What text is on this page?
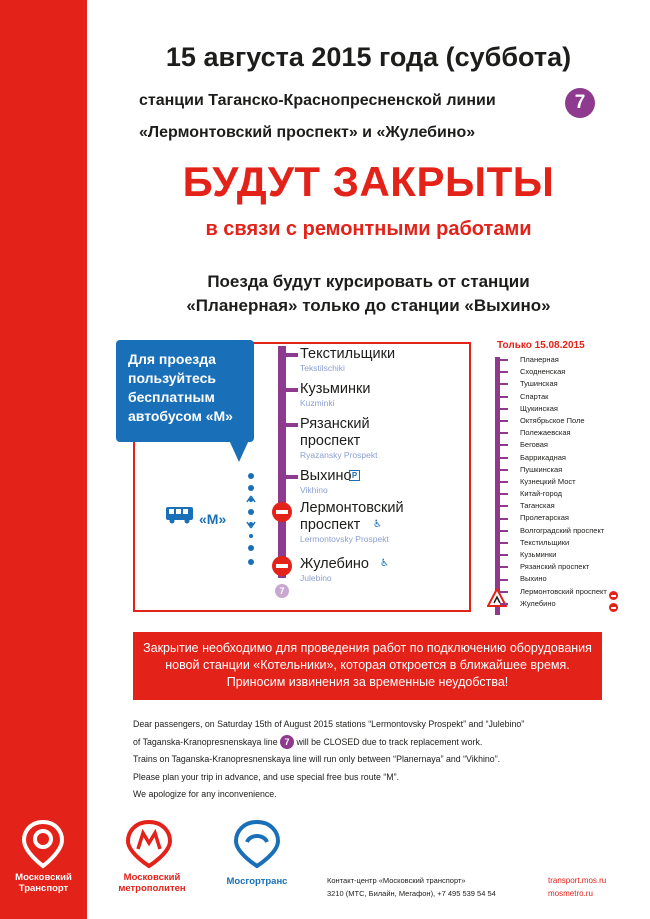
15 августа 2015 года (суббота)
станции Таганско-Краснопресненской линии	7
«Лермонтовский проспект» и «Жулебино»
БУДУТ ЗАКРЫТЫ
в связи с ремонтными работами
Поезда будут курсировать от станции
«Планерная» только до станции «Выхино»
Для проезда
пользуйтесь
бесплатным
автобусом «М»
«М»
Текстильщики
Tekstilschiki
Кузьминки
Kuzminki
Рязанский
проспект
Ryazansky Prospekt
Выхино P
Vikhino
Лермонтовский
проспект ♿
Lermontovsky Prospekt
Жулебино ♿
Julebino
7
Только 15.08.2015
Планерная
Сходненская
Тушинская
Спартак
Щукинская
Октябрьское Поле
Полежаевская
Беговая
Баррикадная
Пушкинская
Кузнецкий Мост
Китай-город
Таганская
Пролетарская
Волгоградский проспект
Текстильщики
Кузьминки
Рязанский проспект
Выхино
Лермонтовский проспект
Жулебино
Закрытие необходимо для проведения работ по подключению оборудования
новой станции «Котельники», которая откроется в ближайшее время.
Приносим извинения за временные неудобства!

Dear passengers, on Saturday 15th of August 2015 stations “Lermontovsky Prospekt” and “Julebino”

of Taganska-Kranopresnenskaya line 7 will be CLOSED due to track replacement work.

Trains on Taganska-Kranopresnenskaya line will run only between “Planernaya” and “Vikhino”.

Please plan your trip in advance, and use special free bus route “M”.

We apologize for any inconvenience.

Московский
Транспорт
Московский
метрополитен
Мосгортранс	Контакт-центр «Московский транспорт»
3210 (МТС, Билайн, Мегафон), +7 495 539 54 54
transport.mos.ru
mosmetro.ru
